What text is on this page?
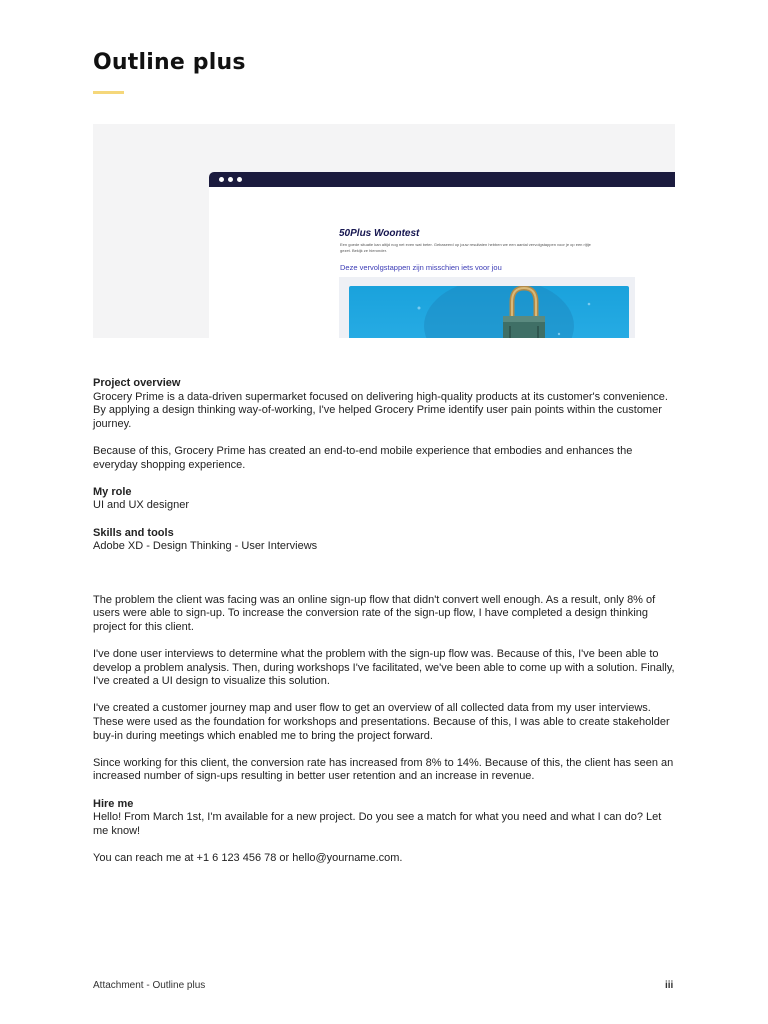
Outline plus

50Plus Woontest

Een goede situatie kan altijd nog net even wat beter. Gebaseerd op jouw resultaten hebben we een aantal vervolgstappen voor je op een rijtje gezet. Bekijk ze hieronder.

Deze vervolgstappen zijn misschien iets voor jou

Project overview

Grocery Prime is a data-driven supermarket focused on delivering high-quality products at its customer's convenience. By applying a design thinking way-of-working, I've helped Grocery Prime identify user pain points within the customer journey.

Because of this, Grocery Prime has created an end-to-end mobile experience that embodies and enhances the everyday shopping experience.

My role

UI and UX designer

Skills and tools

Adobe XD - Design Thinking - User Interviews

The problem the client was facing was an online sign-up flow that didn't convert well enough. As a result, only 8% of users were able to sign-up. To increase the conversion rate of the sign-up flow, I have completed a design thinking project for this client.

I've done user interviews to determine what the problem with the sign-up flow was. Because of this, I've been able to develop a problem analysis. Then, during workshops I've facilitated, we've been able to come up with a solution. Finally, I've created a UI design to visualize this solution.

I've created a customer journey map and user flow to get an overview of all collected data from my user interviews. These were used as the foundation for workshops and presentations. Because of this, I was able to create stakeholder buy-in during meetings which enabled me to bring the project forward.

Since working for this client, the conversion rate has increased from 8% to 14%. Because of this, the client has seen an increased number of sign-ups resulting in better user retention and an increase in revenue.

Hire me

Hello! From March 1st, I'm available for a new project. Do you see a match for what you need and what I can do? Let me know!

You can reach me at +1 6 123 456 78 or hello@yourname.com.

Attachment - Outline plus	iii
